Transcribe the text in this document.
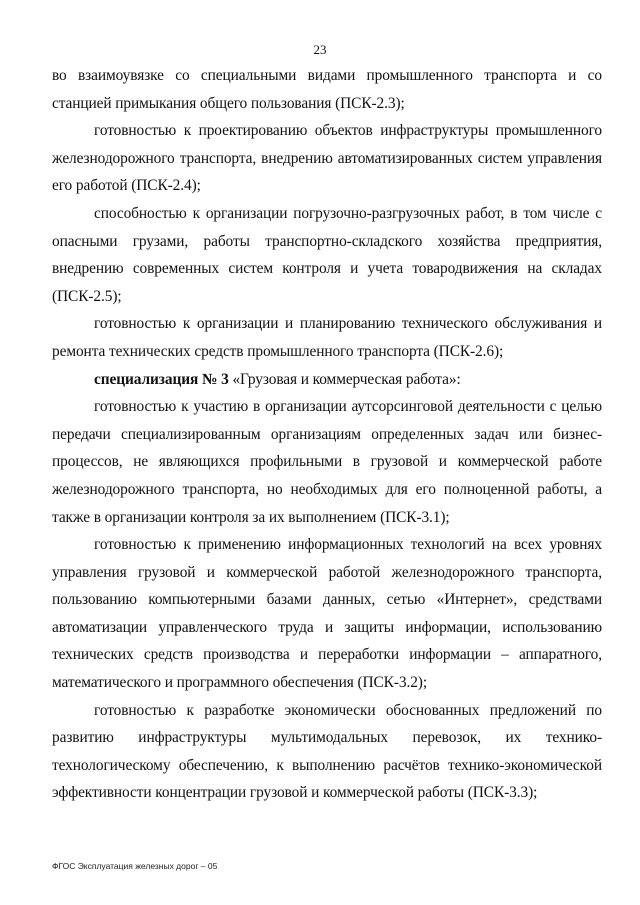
23

во взаимоувязке со специальными видами промышленного транспорта и со станцией примыкания общего пользования (ПСК-2.3);

готовностью к проектированию объектов инфраструктуры промышленного железнодорожного транспорта, внедрению автоматизированных систем управления его работой (ПСК-2.4);

способностью к организации погрузочно-разгрузочных работ, в том числе с опасными грузами, работы транспортно-складского хозяйства предприятия, внедрению современных систем контроля и учета товародвижения на складах (ПСК-2.5);

готовностью к организации и планированию технического обслуживания и ремонта технических средств промышленного транспорта (ПСК-2.6);

специализация № 3 «Грузовая и коммерческая работа»:

готовностью к участию в организации аутсорсинговой деятельности с целью передачи специализированным организациям определенных задач или бизнес-процессов, не являющихся профильными в грузовой и коммерческой работе железнодорожного транспорта, но необходимых для его полноценной работы, а также в организации контроля за их выполнением (ПСК-3.1);

готовностью к применению информационных технологий на всех уровнях управления грузовой и коммерческой работой железнодорожного транспорта, пользованию компьютерными базами данных, сетью «Интернет», средствами автоматизации управленческого труда и защиты информации, использованию технических средств производства и переработки информации – аппаратного, математического и программного обеспечения (ПСК-3.2);

готовностью к разработке экономически обоснованных предложений по развитию инфраструктуры мультимодальных перевозок, их технико-технологическому обеспечению, к выполнению расчётов технико-экономической эффективности концентрации грузовой и коммерческой работы (ПСК-3.3);

ФГОС Эксплуатация железных дорог – 05
